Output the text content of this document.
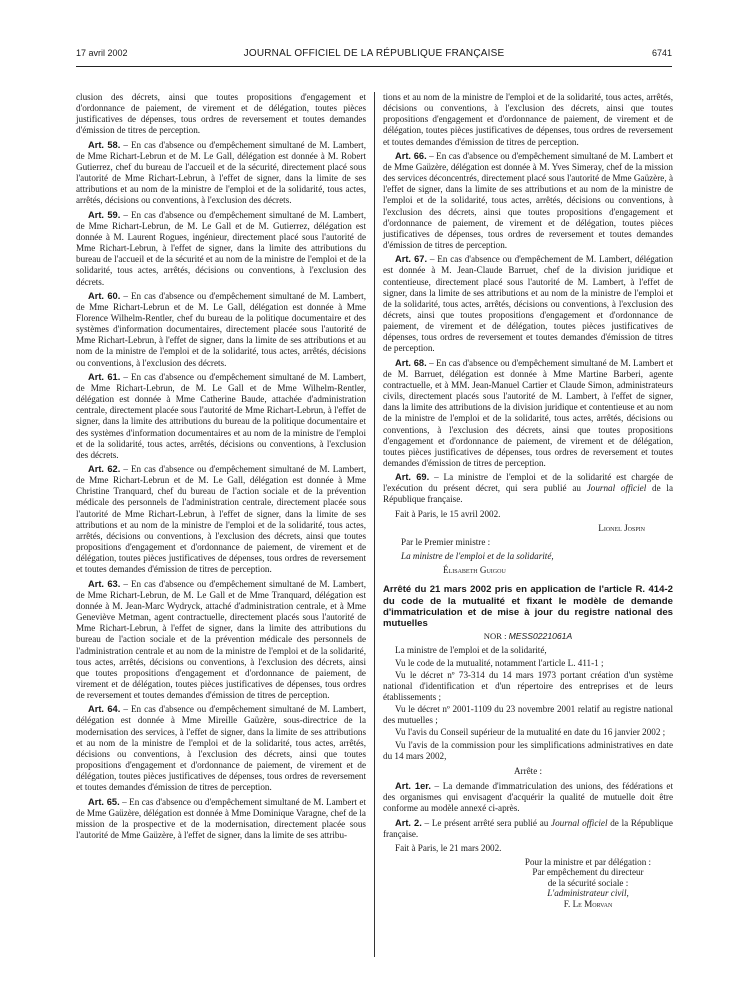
17 avril 2002	JOURNAL OFFICIEL DE LA RÉPUBLIQUE FRANÇAISE	6741

clusion des décrets, ainsi que toutes propositions d'engagement et d'ordonnance de paiement, de virement et de délégation, toutes pièces justificatives de dépenses, tous ordres de reversement et toutes demandes d'émission de titres de perception.

Art. 58. – En cas d'absence ou d'empêchement simultané de M. Lambert, de Mme Richart-Lebrun et de M. Le Gall, délégation est donnée à M. Robert Gutierrez, chef du bureau de l'accueil et de la sécurité, directement placé sous l'autorité de Mme Richart-Lebrun, à l'effet de signer, dans la limite de ses attributions et au nom de la ministre de l'emploi et de la solidarité, tous actes, arrêtés, décisions ou conventions, à l'exclusion des décrets.

Art. 59. – En cas d'absence ou d'empêchement simultané de M. Lambert, de Mme Richart-Lebrun, de M. Le Gall et de M. Gutierrez, délégation est donnée à M. Laurent Rogues, ingénieur, directement placé sous l'autorité de Mme Richart-Lebrun, à l'effet de signer, dans la limite des attributions du bureau de l'accueil et de la sécurité et au nom de la ministre de l'emploi et de la solidarité, tous actes, arrêtés, décisions ou conventions, à l'exclusion des décrets.

Art. 60. – En cas d'absence ou d'empêchement simultané de M. Lambert, de Mme Richart-Lebrun et de M. Le Gall, délégation est donnée à Mme Florence Wilhelm-Rentler, chef du bureau de la politique documentaire et des systèmes d'information documentaires, directement placée sous l'autorité de Mme Richart-Lebrun, à l'effet de signer, dans la limite de ses attributions et au nom de la ministre de l'emploi et de la solidarité, tous actes, arrêtés, décisions ou conventions, à l'exclusion des décrets.

Art. 61. – En cas d'absence ou d'empêchement simultané de M. Lambert, de Mme Richart-Lebrun, de M. Le Gall et de Mme Wilhelm-Rentler, délégation est donnée à Mme Catherine Baude, attachée d'administration centrale, directement placée sous l'autorité de Mme Richart-Lebrun, à l'effet de signer, dans la limite des attributions du bureau de la politique documentaire et des systèmes d'information documentaires et au nom de la ministre de l'emploi et de la solidarité, tous actes, arrêtés, décisions ou conventions, à l'exclusion des décrets.

Art. 62. – En cas d'absence ou d'empêchement simultané de M. Lambert, de Mme Richart-Lebrun et de M. Le Gall, délégation est donnée à Mme Christine Tranquard, chef du bureau de l'action sociale et de la prévention médicale des personnels de l'administration centrale, directement placée sous l'autorité de Mme Richart-Lebrun, à l'effet de signer, dans la limite de ses attributions et au nom de la ministre de l'emploi et de la solidarité, tous actes, arrêtés, décisions ou conventions, à l'exclusion des décrets, ainsi que toutes propositions d'engagement et d'ordonnance de paiement, de virement et de délégation, toutes pièces justificatives de dépenses, tous ordres de reversement et toutes demandes d'émission de titres de perception.

Art. 63. – En cas d'absence ou d'empêchement simultané de M. Lambert, de Mme Richart-Lebrun, de M. Le Gall et de Mme Tranquard, délégation est donnée à M. Jean-Marc Wydryck, attaché d'administration centrale, et à Mme Geneviève Metman, agent contractuelle, directement placés sous l'autorité de Mme Richart-Lebrun, à l'effet de signer, dans la limite des attributions du bureau de l'action sociale et de la prévention médicale des personnels de l'administration centrale et au nom de la ministre de l'emploi et de la solidarité, tous actes, arrêtés, décisions ou conventions, à l'exclusion des décrets, ainsi que toutes propositions d'engagement et d'ordonnance de paiement, de virement et de délégation, toutes pièces justificatives de dépenses, tous ordres de reversement et toutes demandes d'émission de titres de perception.

Art. 64. – En cas d'absence ou d'empêchement simultané de M. Lambert, délégation est donnée à Mme Mireille Gaüzère, sous-directrice de la modernisation des services, à l'effet de signer, dans la limite de ses attributions et au nom de la ministre de l'emploi et de la solidarité, tous actes, arrêtés, décisions ou conventions, à l'exclusion des décrets, ainsi que toutes propositions d'engagement et d'ordonnance de paiement, de virement et de délégation, toutes pièces justificatives de dépenses, tous ordres de reversement et toutes demandes d'émission de titres de perception.

Art. 65. – En cas d'absence ou d'empêchement simultané de M. Lambert et de Mme Gaüzère, délégation est donnée à Mme Dominique Varagne, chef de la mission de la prospective et de la modernisation, directement placée sous l'autorité de Mme Gaüzère, à l'effet de signer, dans la limite de ses attribu-

tions et au nom de la ministre de l'emploi et de la solidarité, tous actes, arrêtés, décisions ou conventions, à l'exclusion des décrets, ainsi que toutes propositions d'engagement et d'ordonnance de paiement, de virement et de délégation, toutes pièces justificatives de dépenses, tous ordres de reversement et toutes demandes d'émission de titres de perception.

Art. 66. – En cas d'absence ou d'empêchement simultané de M. Lambert et de Mme Gaüzère, délégation est donnée à M. Yves Simeray, chef de la mission des services déconcentrés, directement placé sous l'autorité de Mme Gaüzère, à l'effet de signer, dans la limite de ses attributions et au nom de la ministre de l'emploi et de la solidarité, tous actes, arrêtés, décisions ou conventions, à l'exclusion des décrets, ainsi que toutes propositions d'engagement et d'ordonnance de paiement, de virement et de délégation, toutes pièces justificatives de dépenses, tous ordres de reversement et toutes demandes d'émission de titres de perception.

Art. 67. – En cas d'absence ou d'empêchement de M. Lambert, délégation est donnée à M. Jean-Claude Barruet, chef de la division juridique et contentieuse, directement placé sous l'autorité de M. Lambert, à l'effet de signer, dans la limite de ses attributions et au nom de la ministre de l'emploi et de la solidarité, tous actes, arrêtés, décisions ou conventions, à l'exclusion des décrets, ainsi que toutes propositions d'engagement et d'ordonnance de paiement, de virement et de délégation, toutes pièces justificatives de dépenses, tous ordres de reversement et toutes demandes d'émission de titres de perception.

Art. 68. – En cas d'absence ou d'empêchement simultané de M. Lambert et de M. Barruet, délégation est donnée à Mme Martine Barberi, agente contractuelle, et à MM. Jean-Manuel Cartier et Claude Simon, administrateurs civils, directement placés sous l'autorité de M. Lambert, à l'effet de signer, dans la limite des attributions de la division juridique et contentieuse et au nom de la ministre de l'emploi et de la solidarité, tous actes, arrêtés, décisions ou conventions, à l'exclusion des décrets, ainsi que toutes propositions d'engagement et d'ordonnance de paiement, de virement et de délégation, toutes pièces justificatives de dépenses, tous ordres de reversement et toutes demandes d'émission de titres de perception.

Art. 69. – La ministre de l'emploi et de la solidarité est chargée de l'exécution du présent décret, qui sera publié au Journal officiel de la République française.

Fait à Paris, le 15 avril 2002.

Lionel Jospin

Par le Premier ministre :

La ministre de l'emploi et de la solidarité,

Élisabeth Guigou

Arrêté du 21 mars 2002 pris en application de l'article R. 414-2 du code de la mutualité et fixant le modèle de demande d'immatriculation et de mise à jour du registre national des mutuelles

NOR : MESS0221061A

La ministre de l'emploi et de la solidarité,

Vu le code de la mutualité, notamment l'article L. 411-1 ;

Vu le décret nº 73-314 du 14 mars 1973 portant création d'un système national d'identification et d'un répertoire des entreprises et de leurs établissements ;

Vu le décret nº 2001-1109 du 23 novembre 2001 relatif au registre national des mutuelles ;

Vu l'avis du Conseil supérieur de la mutualité en date du 16 janvier 2002 ;

Vu l'avis de la commission pour les simplifications administratives en date du 14 mars 2002,

Arrête :

Art. 1er. – La demande d'immatriculation des unions, des fédérations et des organismes qui envisagent d'acquérir la qualité de mutuelle doit être conforme au modèle annexé ci-après.

Art. 2. – Le présent arrêté sera publié au Journal officiel de la République française.

Fait à Paris, le 21 mars 2002.

Pour la ministre et par délégation :
Par empêchement du directeur
de la sécurité sociale :
L'administrateur civil,
F. Le Morvan
